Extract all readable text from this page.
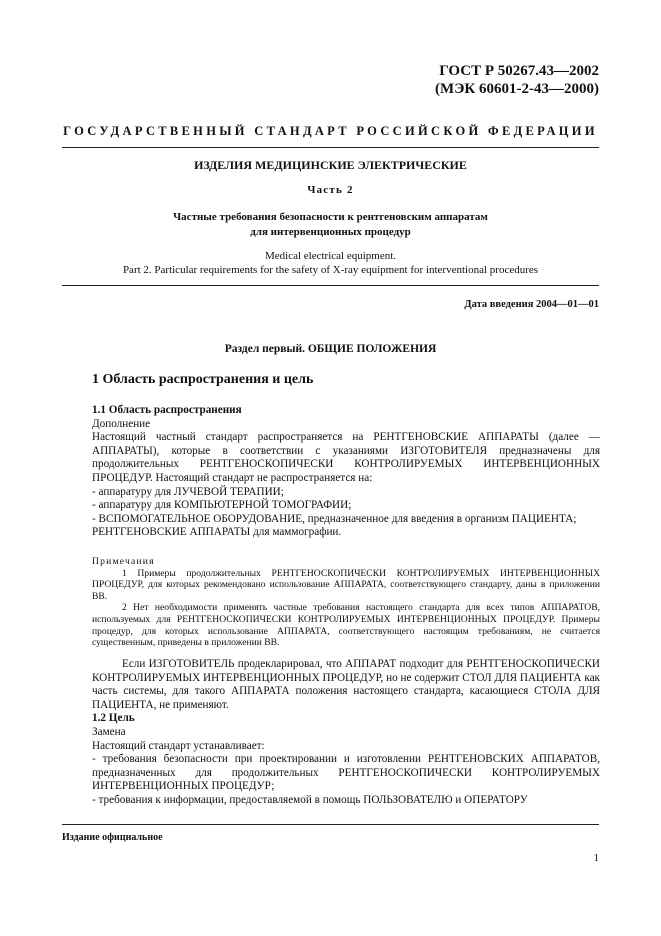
ГОСТ Р 50267.43—2002
(МЭК 60601-2-43—2000)
ГОСУДАРСТВЕННЫЙ СТАНДАРТ РОССИЙСКОЙ ФЕДЕРАЦИИ
ИЗДЕЛИЯ МЕДИЦИНСКИЕ ЭЛЕКТРИЧЕСКИЕ
Часть 2
Частные требования безопасности к рентгеновским аппаратам
для интервенционных процедур
Medical electrical equipment.
Part 2. Particular requirements for the safety of X-ray equipment for interventional procedures
Дата введения 2004—01—01
Раздел первый. ОБЩИЕ ПОЛОЖЕНИЯ
1 Область распространения и цель

1.1 Область распространения

Дополнение

Настоящий частный стандарт распространяется на РЕНТГЕНОВСКИЕ АППАРАТЫ (далее — АППАРАТЫ), которые в соответствии с указаниями ИЗГОТОВИТЕЛЯ предназначены для продолжительных РЕНТГЕНОСКОПИЧЕСКИ КОНТРОЛИРУЕМЫХ ИНТЕРВЕНЦИОННЫХ ПРОЦЕДУР. Настоящий стандарт не распространяется на:

- аппаратуру для ЛУЧЕВОЙ ТЕРАПИИ;

- аппаратуру для КОМПЬЮТЕРНОЙ ТОМОГРАФИИ;

- ВСПОМОГАТЕЛЬНОЕ ОБОРУДОВАНИЕ, предназначенное для введения в организм ПАЦИЕНТА;

РЕНТГЕНОВСКИЕ АППАРАТЫ для маммографии.

Примечания

1 Примеры продолжительных РЕНТГЕНОСКОПИЧЕСКИ КОНТРОЛИРУЕМЫХ ИНТЕРВЕНЦИОННЫХ ПРОЦЕДУР, для которых рекомендовано использование АППАРАТА, соответствующего стандарту, даны в приложении ВВ.

2 Нет необходимости применять частные требования настоящего стандарта для всех типов АППАРАТОВ, используемых для РЕНТГЕНОСКОПИЧЕСКИ КОНТРОЛИРУЕМЫХ ИНТЕРВЕНЦИОННЫХ ПРОЦЕДУР. Примеры процедур, для которых использование АППАРАТА, соответствующего настоящим требованиям, не считается существенным, приведены в приложении ВВ.

Если ИЗГОТОВИТЕЛЬ продекларировал, что АППАРАТ подходит для РЕНТГЕНОСКОПИЧЕСКИ КОНТРОЛИРУЕМЫХ ИНТЕРВЕНЦИОННЫХ ПРОЦЕДУР, но не содержит СТОЛ ДЛЯ ПАЦИЕНТА как часть системы, для такого АППАРАТА положения настоящего стандарта, касающиеся СТОЛА ДЛЯ ПАЦИЕНТА, не применяют.

1.2 Цель

Замена

Настоящий стандарт устанавливает:

- требования безопасности при проектировании и изготовлении РЕНТГЕНОВСКИХ АППАРАТОВ, предназначенных для продолжительных РЕНТГЕНОСКОПИЧЕСКИ КОНТРОЛИРУЕМЫХ ИНТЕРВЕНЦИОННЫХ ПРОЦЕДУР;

- требования к информации, предоставляемой в помощь ПОЛЬЗОВАТЕЛЮ и ОПЕРАТОРУ

Издание официальное
1
